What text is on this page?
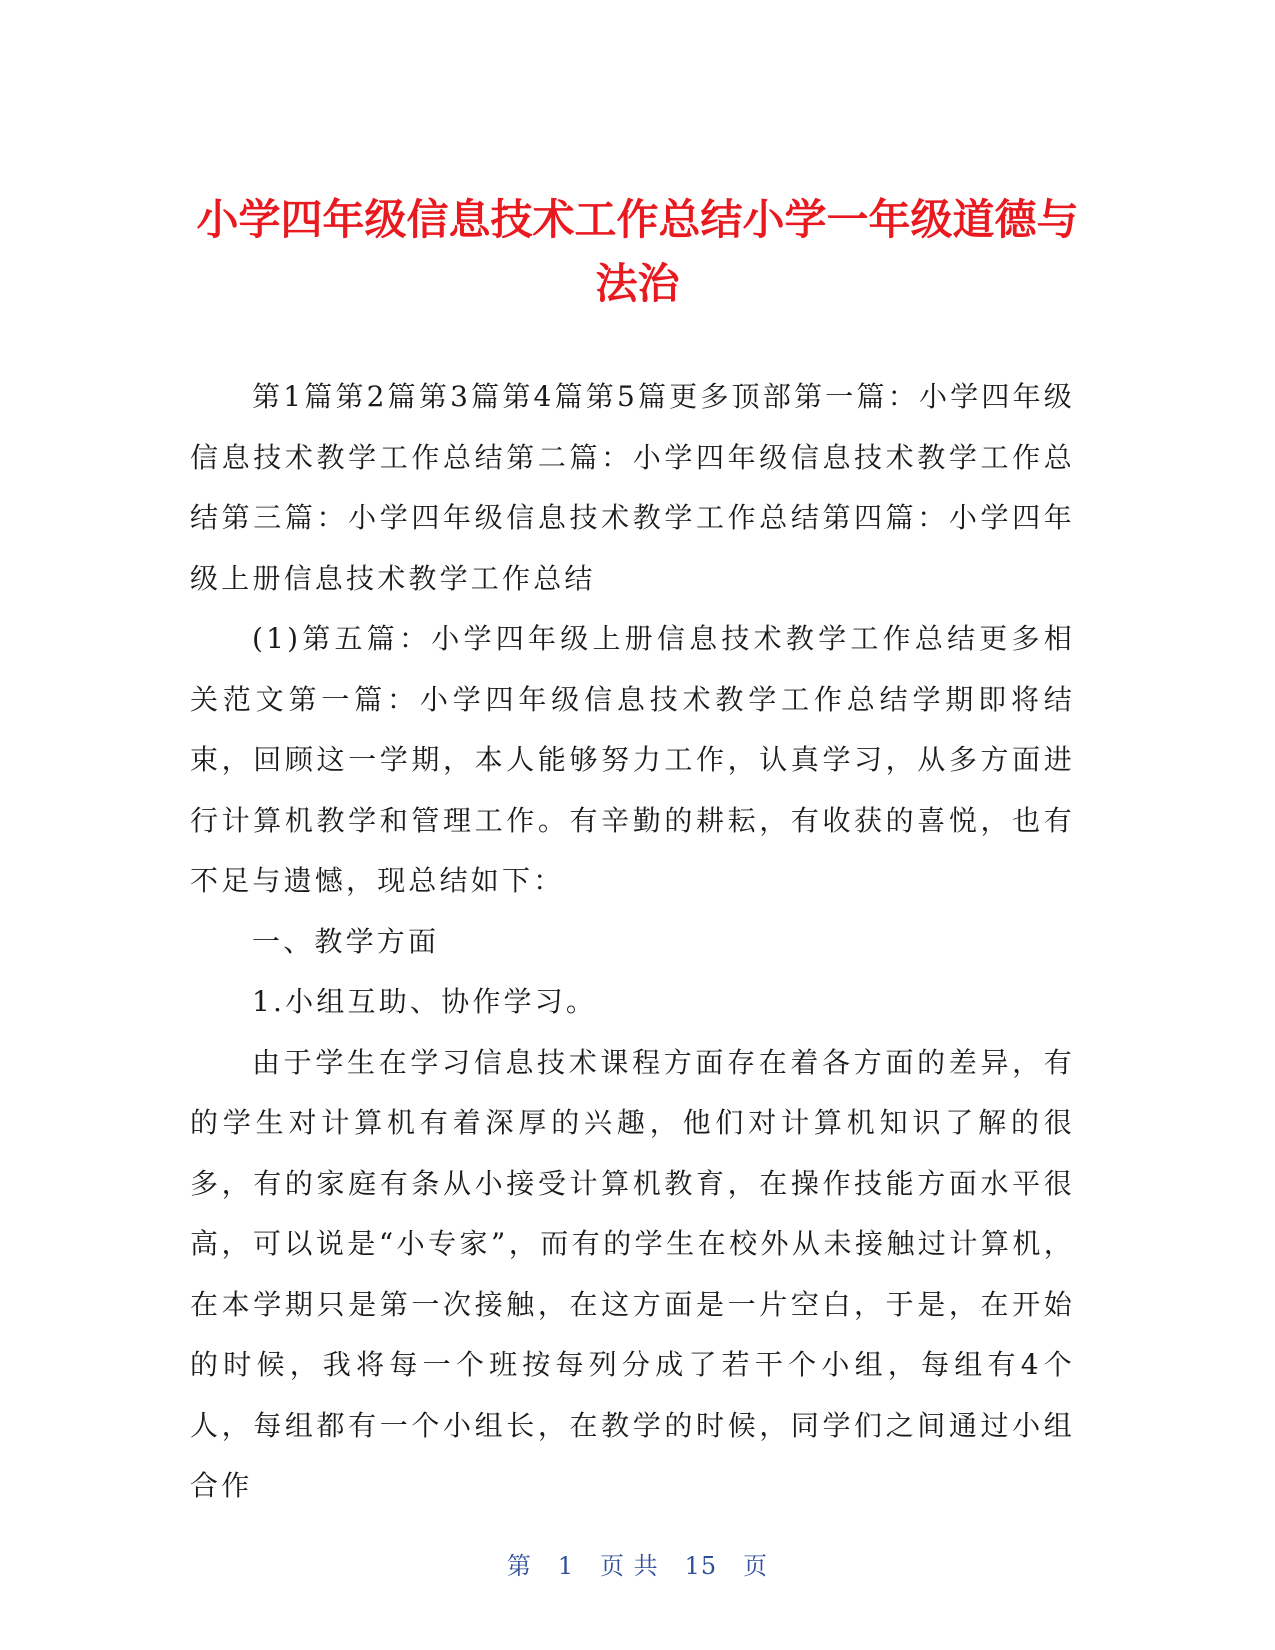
小学四年级信息技术工作总结小学一年级道德与法治

第1篇第2篇第3篇第4篇第5篇更多顶部第一篇：小学四年级信息技术教学工作总结第二篇：小学四年级信息技术教学工作总结第三篇：小学四年级信息技术教学工作总结第四篇：小学四年级上册信息技术教学工作总结

(1)第五篇：小学四年级上册信息技术教学工作总结更多相关范文第一篇：小学四年级信息技术教学工作总结学期即将结束，回顾这一学期，本人能够努力工作，认真学习，从多方面进行计算机教学和管理工作。有辛勤的耕耘，有收获的喜悦，也有不足与遗憾，现总结如下：

一、教学方面

1.小组互助、协作学习。

由于学生在学习信息技术课程方面存在着各方面的差异，有的学生对计算机有着深厚的兴趣，他们对计算机知识了解的很多，有的家庭有条从小接受计算机教育，在操作技能方面水平很高，可以说是“小专家”，而有的学生在校外从未接触过计算机，在本学期只是第一次接触，在这方面是一片空白，于是，在开始的时候，我将每一个班按每列分成了若干个小组，每组有4个人，每组都有一个小组长，在教学的时候，同学们之间通过小组合作

第 1 页 共 15 页
